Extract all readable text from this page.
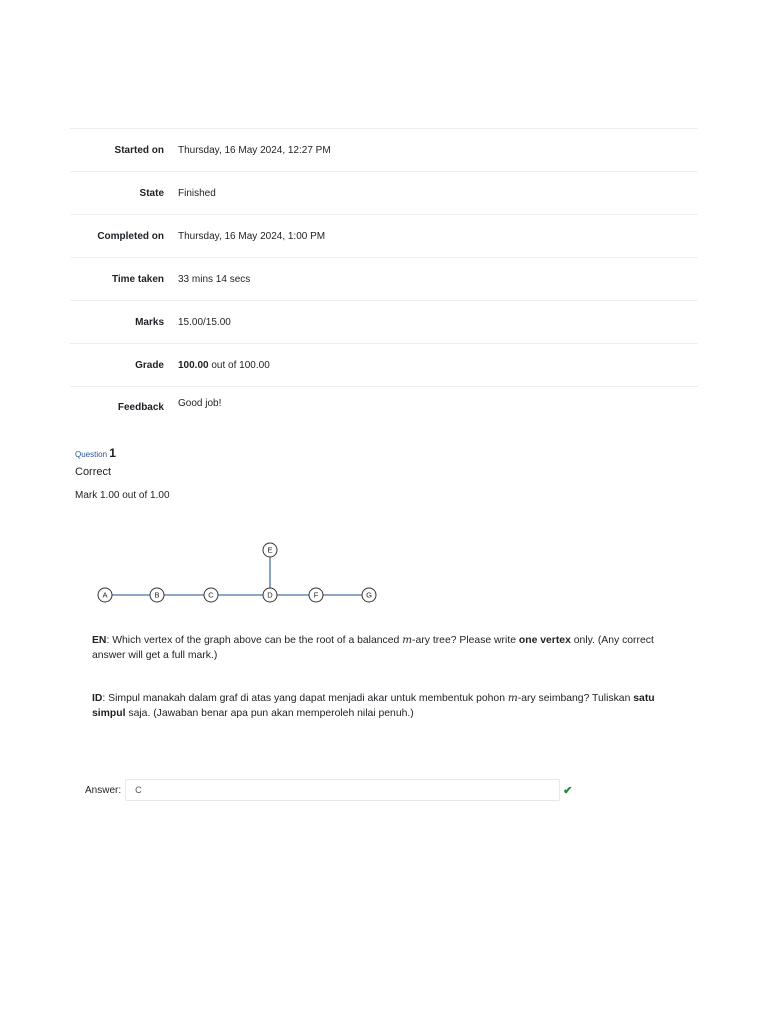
Started on	Thursday, 16 May 2024, 12:27 PM
State	Finished
Completed on	Thursday, 16 May 2024, 1:00 PM
Time taken	33 mins 14 secs
Marks	15.00/15.00
Grade	100.00 out of 100.00
Feedback	Good job!
Question 1
Correct
Mark 1.00 out of 1.00
A	B	C	D
E
F	G
EN: Which vertex of the graph above can be the root of a balanced m-ary tree? Please write one vertex only. (Any correct answer will get a full mark.)
ID: Simpul manakah dalam graf di atas yang dapat menjadi akar untuk membentuk pohon m-ary seimbang? Tuliskan satu simpul saja. (Jawaban benar apa pun akan memperoleh nilai penuh.)
Answer:
C	✔
